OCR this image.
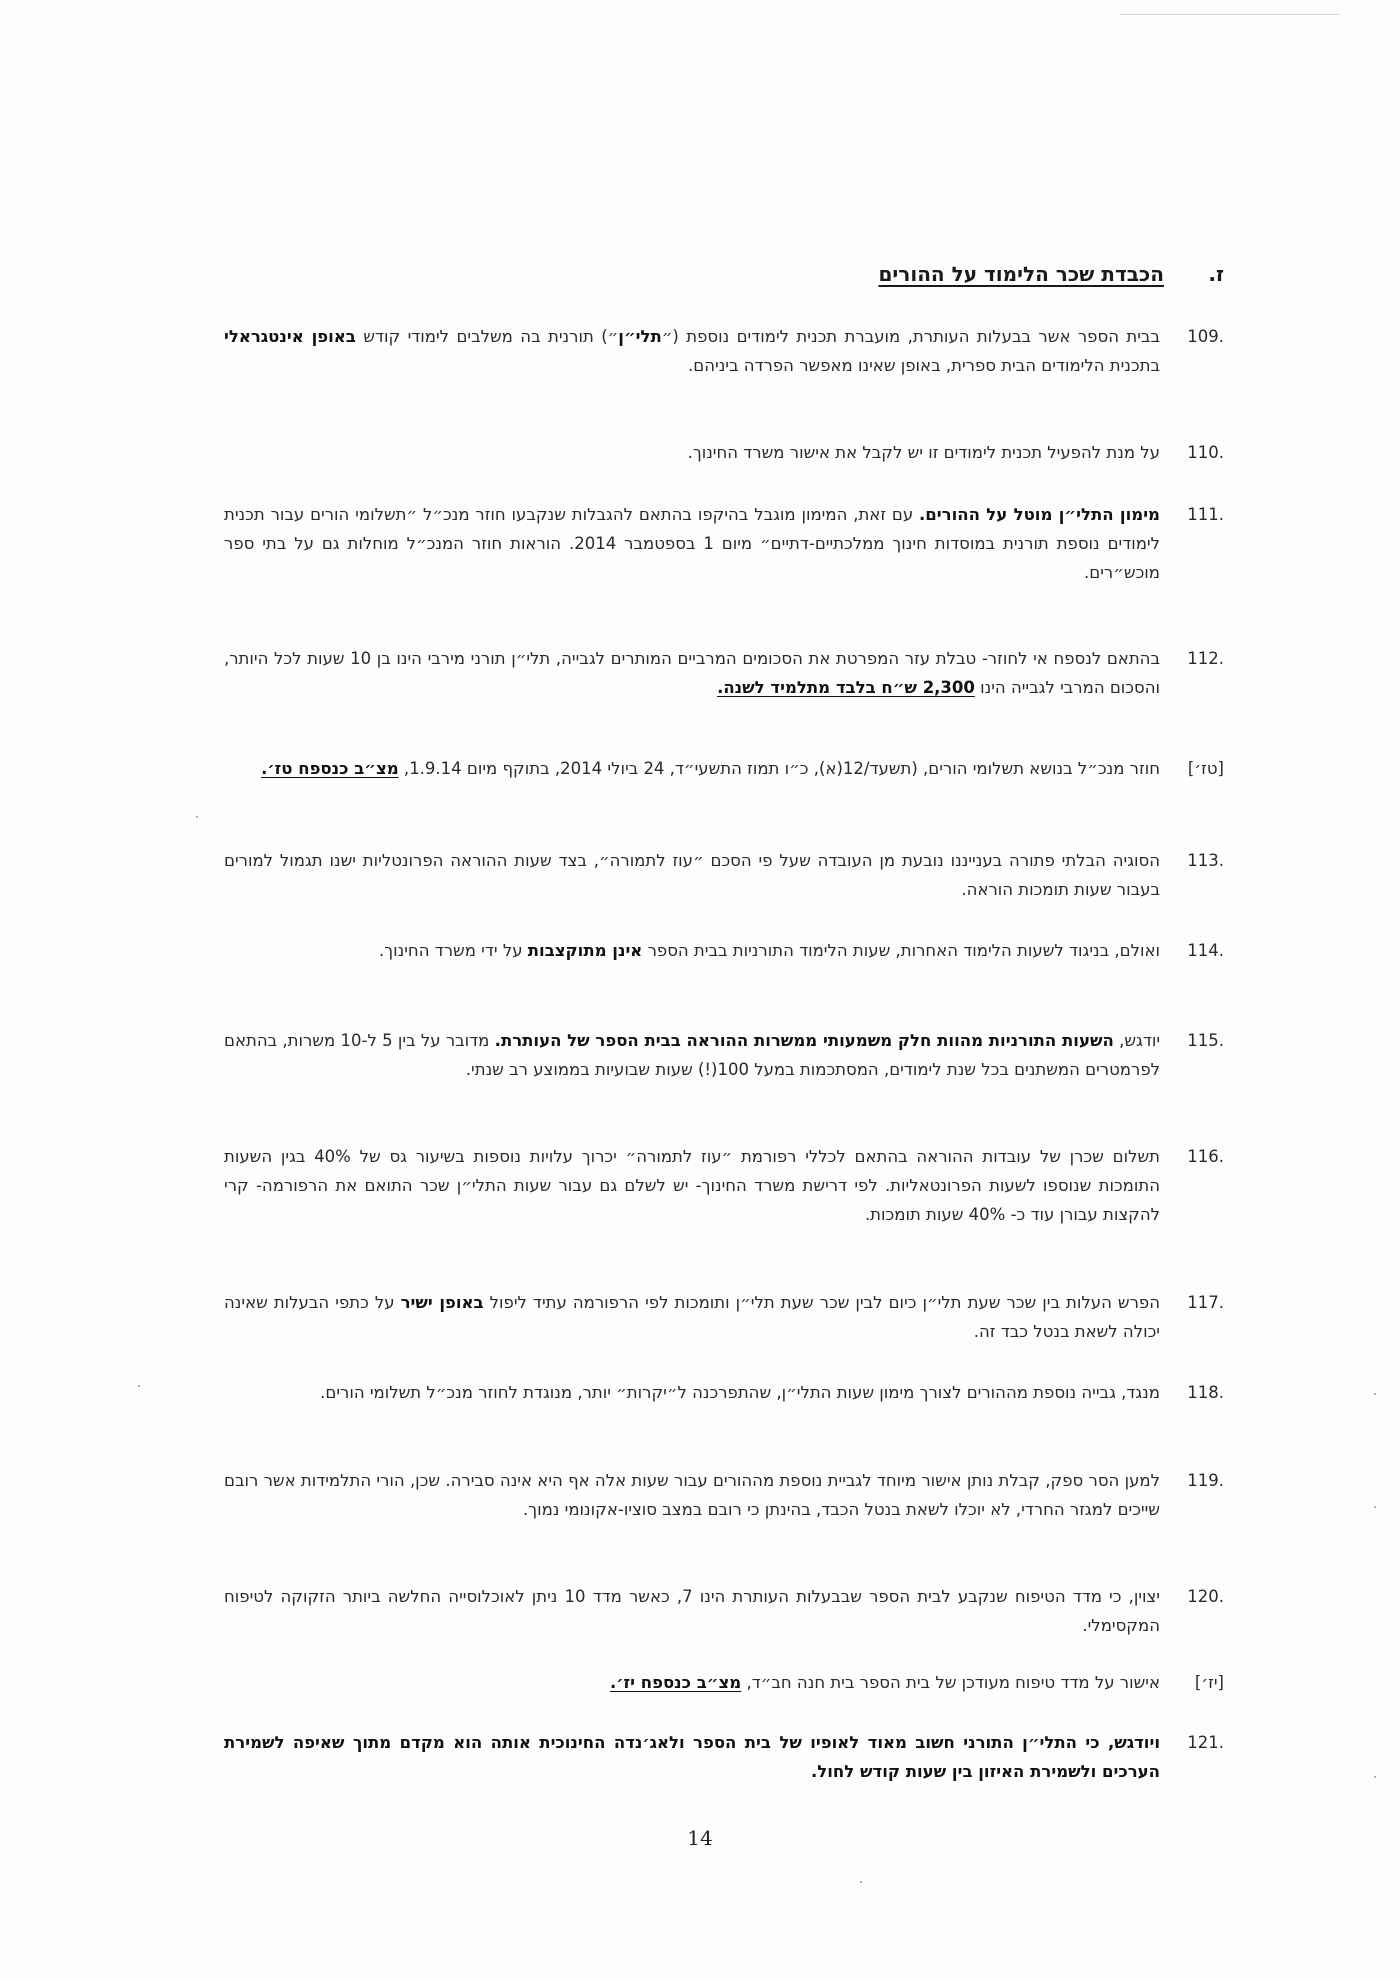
ז.
הכבדת שכר הלימוד על ההורים
.109
בבית הספר אשר בבעלות העותרת, מועברת תכנית לימודים נוספת (״תלי״ן״) תורנית בה משלבים לימודי קודש באופן אינטגראלי בתכנית הלימודים הבית ספרית, באופן שאינו מאפשר הפרדה ביניהם.
.110
על מנת להפעיל תכנית לימודים זו יש לקבל את אישור משרד החינוך.
.111
מימון התלי״ן מוטל על ההורים. עם זאת, המימון מוגבל בהיקפו בהתאם להגבלות שנקבעו חוזר מנכ״ל ״תשלומי הורים עבור תכנית לימודים נוספת תורנית במוסדות חינוך ממלכתיים-דתיים״ מיום 1 בספטמבר 2014. הוראות חוזר המנכ״ל מוחלות גם על בתי ספר מוכש״רים.
.112
בהתאם לנספח אי לחוזר- טבלת עזר המפרטת את הסכומים המרביים המותרים לגבייה, תלי״ן תורני מירבי הינו בן 10 שעות לכל היותר, והסכום המרבי לגבייה הינו 2,300 ש״ח בלבד מתלמיד לשנה.
[טז׳]
חוזר מנכ״ל בנושא תשלומי הורים, (תשעד/12(א), כ״ו תמוז התשעי״ד, 24 ביולי 2014, בתוקף מיום 1.9.14, מצ״ב כנספח טז׳.
.113
הסוגיה הבלתי פתורה בענייננו נובעת מן העובדה שעל פי הסכם ״עוז לתמורה״, בצד שעות ההוראה הפרונטליות ישנו תגמול למורים בעבור שעות תומכות הוראה.
.114
ואולם, בניגוד לשעות הלימוד האחרות, שעות הלימוד התורניות בבית הספר אינן מתוקצבות על ידי משרד החינוך.
.115
יודגש, השעות התורניות מהוות חלק משמעותי ממשרות ההוראה בבית הספר של העותרת. מדובר על בין 5 ל-10 משרות, בהתאם לפרמטרים המשתנים בכל שנת לימודים, המסתכמות במעל 100(!) שעות שבועיות בממוצע רב שנתי.
.116
תשלום שכרן של עובדות ההוראה בהתאם לכללי רפורמת ״עוז לתמורה״ יכרוך עלויות נוספות בשיעור גס של 40% בגין השעות התומכות שנוספו לשעות הפרונטאליות. לפי דרישת משרד החינוך- יש לשלם גם עבור שעות התלי״ן שכר התואם את הרפורמה- קרי להקצות עבורן עוד כ- 40% שעות תומכות.
.117
הפרש העלות בין שכר שעת תלי״ן כיום לבין שכר שעת תלי״ן ותומכות לפי הרפורמה עתיד ליפול באופן ישיר על כתפי הבעלות שאינה יכולה לשאת בנטל כבד זה.
.118
מנגד, גבייה נוספת מההורים לצורך מימון שעות התלי״ן, שהתפרכנה ל״יקרות״ יותר, מנוגדת לחוזר מנכ״ל תשלומי הורים.
.119
למען הסר ספק, קבלת נותן אישור מיוחד לגביית נוספת מההורים עבור שעות אלה אף היא אינה סבירה. שכן, הורי התלמידות אשר רובם שייכים למגזר החרדי, לא יוכלו לשאת בנטל הכבד, בהינתן כי רובם במצב סוציו-אקונומי נמוך.
.120
יצוין, כי מדד הטיפוח שנקבע לבית הספר שבבעלות העותרת הינו 7, כאשר מדד 10 ניתן לאוכלוסייה החלשה ביותר הזקוקה לטיפוח המקסימלי.
[יז׳]
אישור על מדד טיפוח מעודכן של בית הספר בית חנה חב״ד, מצ״ב כנספח יז׳.
.121
ויודגש, כי התלי״ן התורני חשוב מאוד לאופיו של בית הספר ולאג׳נדה החינוכית אותה הוא מקדם מתוך שאיפה לשמירת הערכים ולשמירת האיזון בין שעות קודש לחול.
14
